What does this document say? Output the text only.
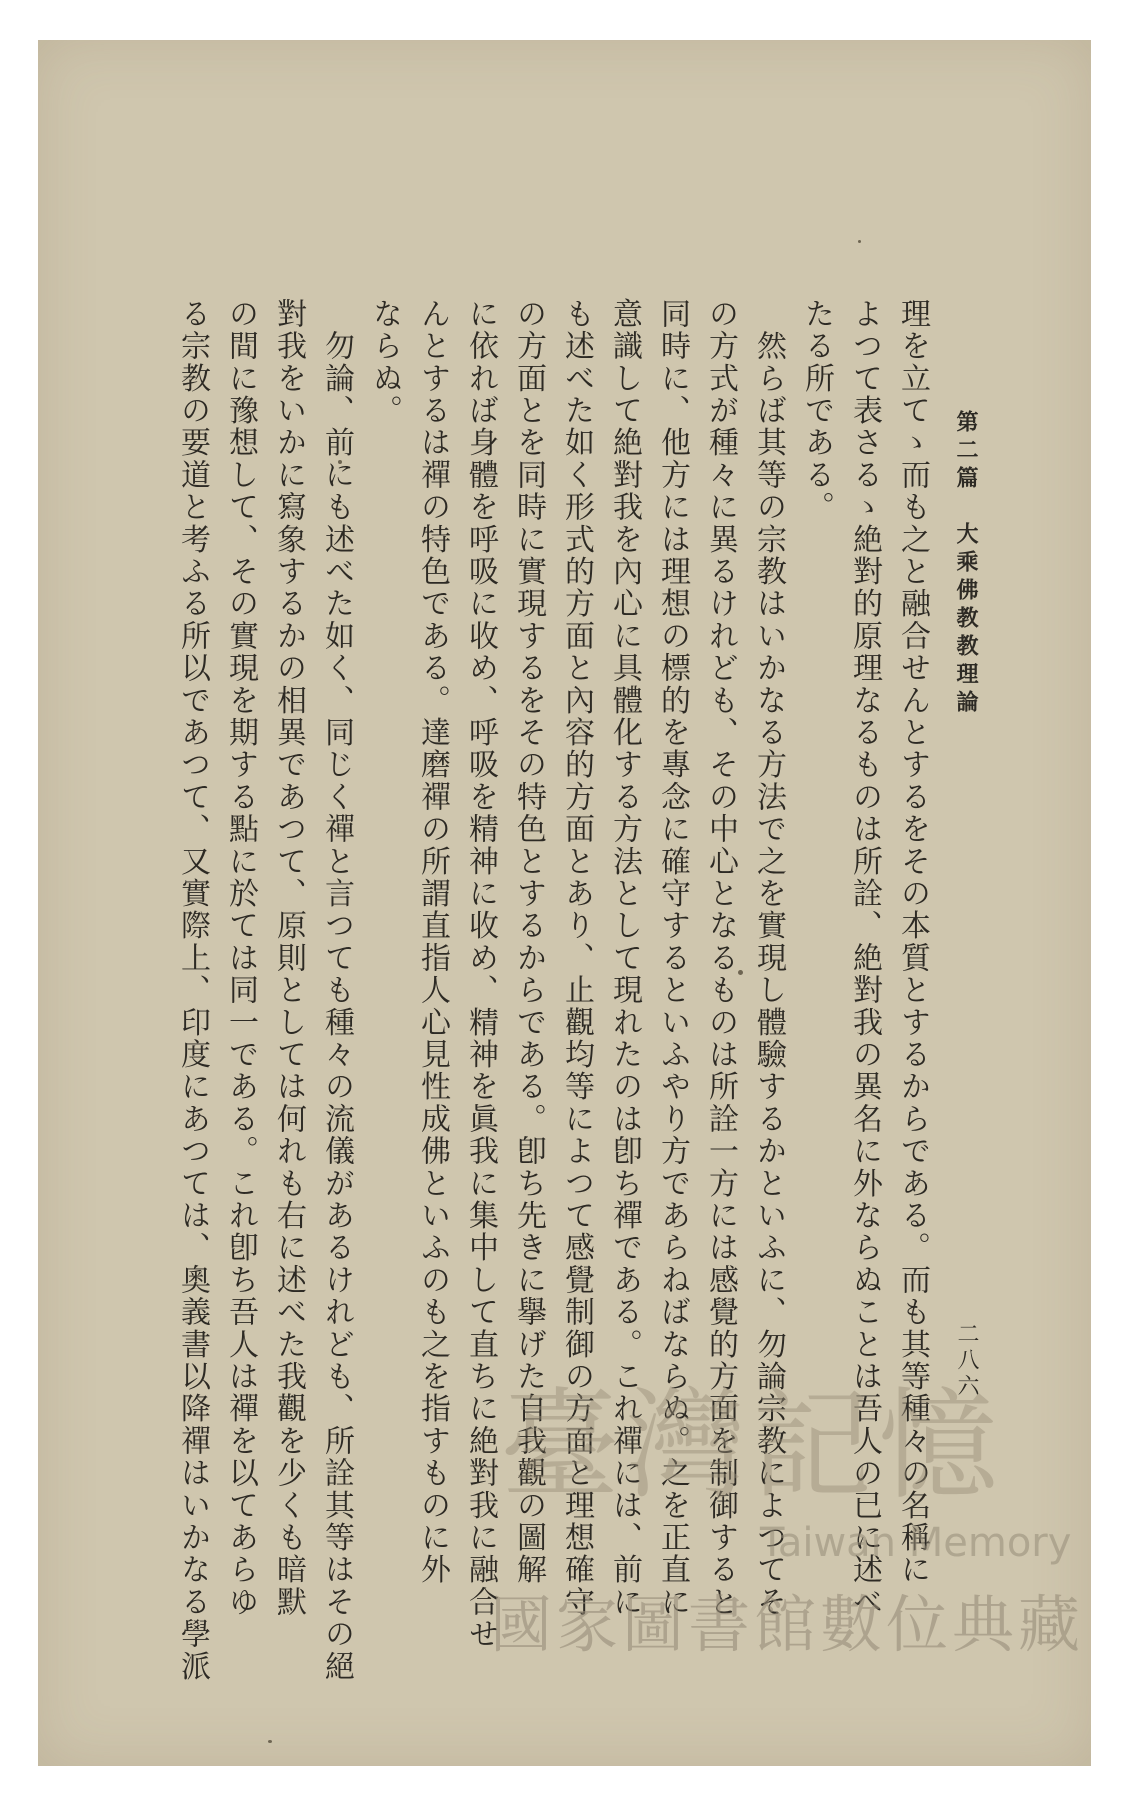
第二篇　大乘佛教教理論
二八六
理を立てゝ而も之と融合せんとするをその本質とするからである。而も其等種々の名稱に
よつて表さるゝ絶對的原理なるものは所詮、絶對我の異名に外ならぬことは吾人の已に述べ
たる所である。
　然らば其等の宗教はいかなる方法で之を實現し體驗するかといふに、勿論宗教によつてそ
の方式が種々に異るけれども、その中心となるものは所詮一方には感覺的方面を制御すると
同時に、他方には理想の標的を專念に確守するといふやり方であらねばならぬ。之を正直に
意識して絶對我を內心に具體化する方法として現れたのは卽ち禪である。これ禪には、前に
も述べた如く形式的方面と內容的方面とあり、止觀均等によつて感覺制御の方面と理想確守
の方面とを同時に實現するをその特色とするからである。卽ち先きに擧げた自我觀の圖解
に依れば身體を呼吸に收め、呼吸を精神に收め、精神を眞我に集中して直ちに絶對我に融合せ
んとするは禪の特色である。達磨禪の所謂直指人心見性成佛といふのも之を指すものに外
ならぬ。
　勿論、前にも述べた如く、同じく禪と言つても種々の流儀があるけれども、所詮其等はその絕
對我をいかに寫象するかの相異であつて、原則としては何れも右に述べた我觀を少くも暗默
の間に豫想して、その實現を期する點に於ては同一である。これ卽ち吾人は禪を以てあらゆ
る宗教の要道と考ふる所以であつて、又實際上、印度にあつては、奧義書以降禪はいかなる學派 臺灣記憶
Taiwan Memory
國家圖書館數位典藏
